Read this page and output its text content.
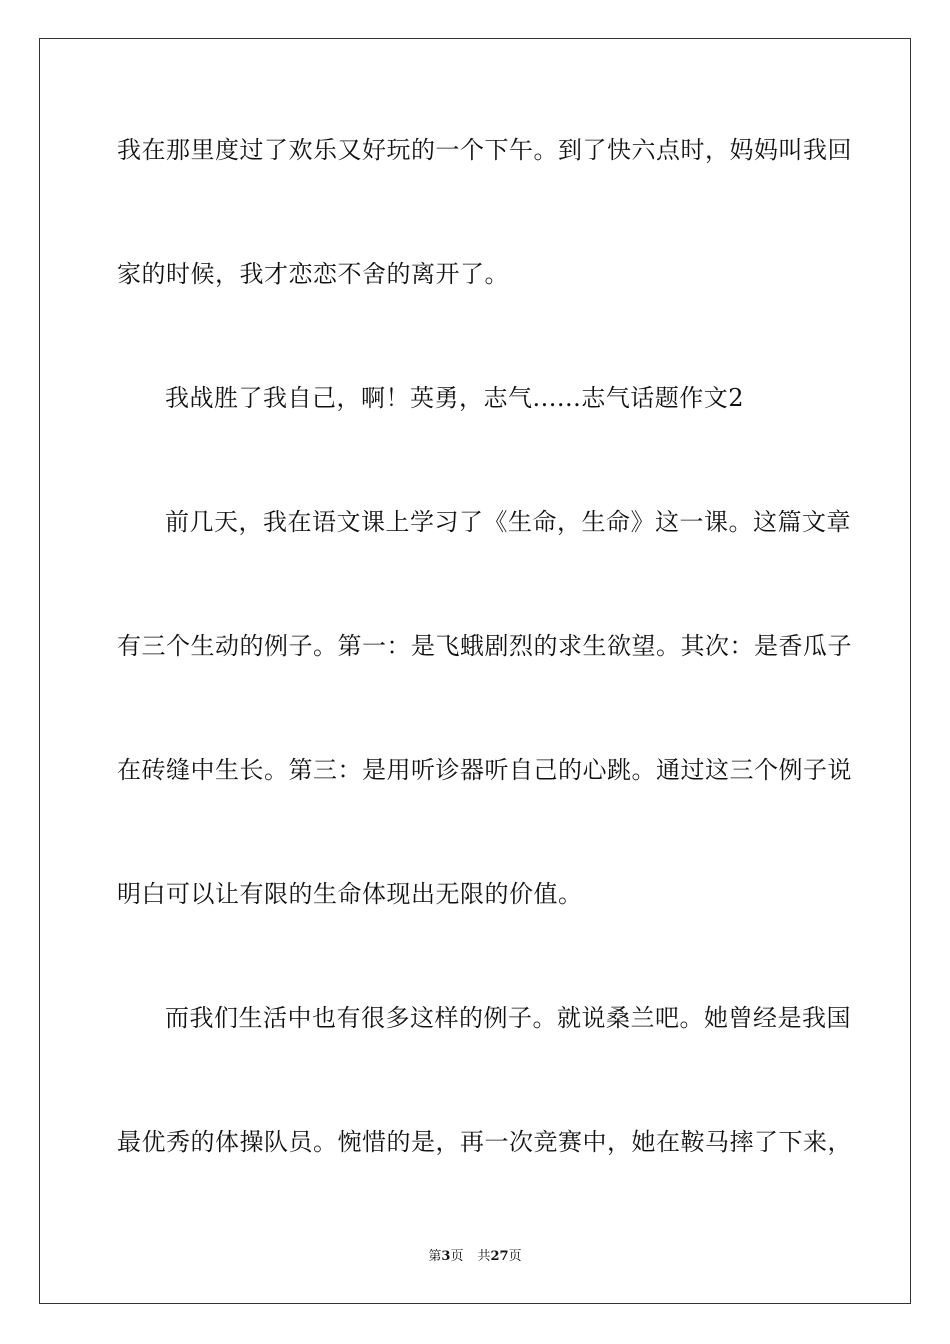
我在那里度过了欢乐又好玩的一个下午。到了快六点时，妈妈叫我回
家的时候，我才恋恋不舍的离开了。
我战胜了我自己，啊！英勇，志气......志气话题作文2
前几天，我在语文课上学习了《生命，生命》这一课。这篇文章
有三个生动的例子。第一：是飞蛾剧烈的求生欲望。其次：是香瓜子
在砖缝中生长。第三：是用听诊器听自己的心跳。通过这三个例子说
明白可以让有限的生命体现出无限的价值。
而我们生活中也有很多这样的例子。就说桑兰吧。她曾经是我国
最优秀的体操队员。惋惜的是，再一次竞赛中，她在鞍马摔了下来，
第3页 共27页
